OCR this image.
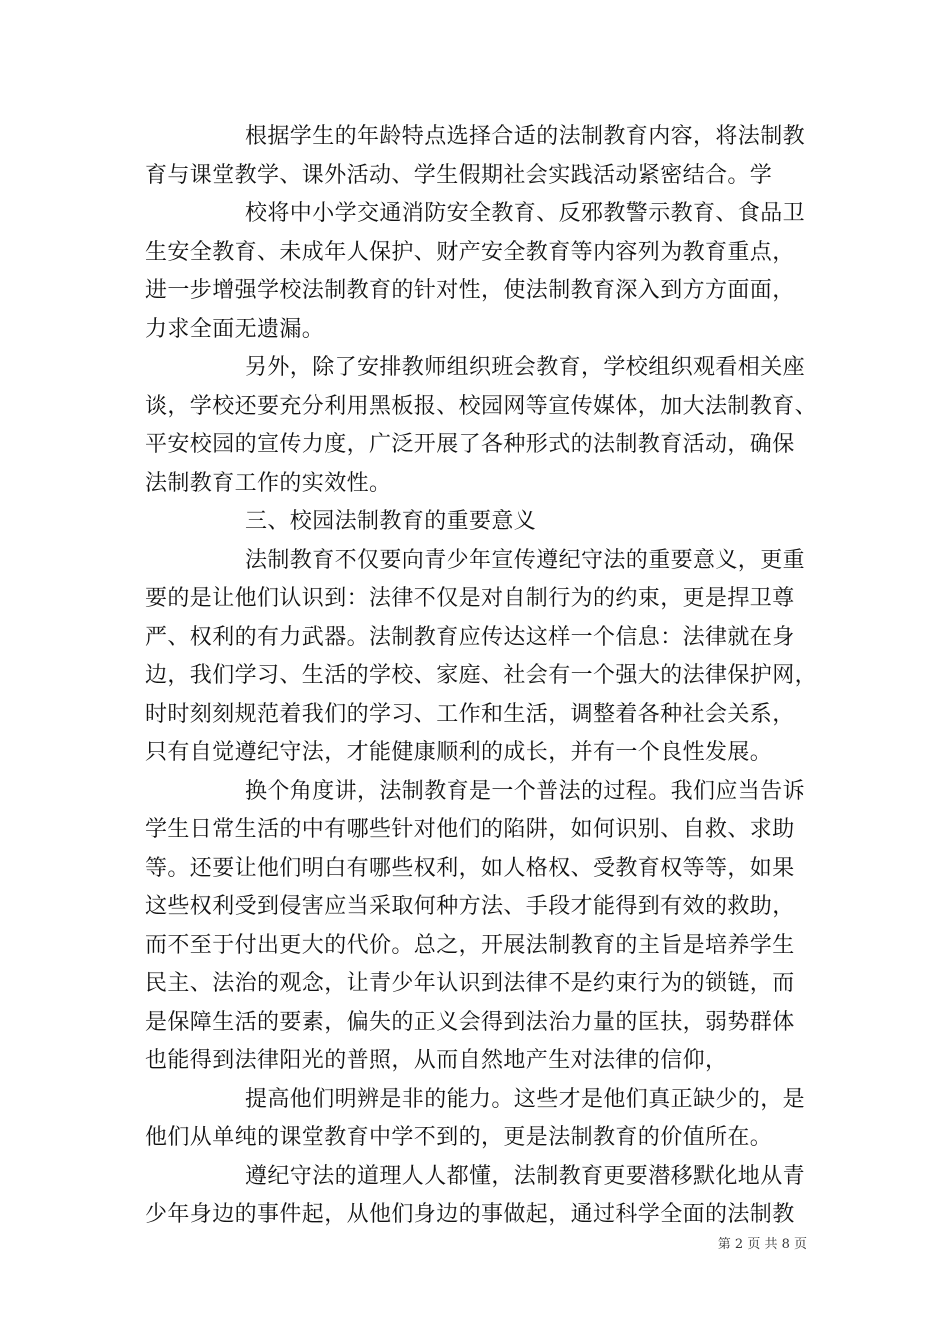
根据学生的年龄特点选择合适的法制教育内容，将法制教
育与课堂教学、课外活动、学生假期社会实践活动紧密结合。学
校将中小学交通消防安全教育、反邪教警示教育、食品卫
生安全教育、未成年人保护、财产安全教育等内容列为教育重点，
进一步增强学校法制教育的针对性，使法制教育深入到方方面面，
力求全面无遗漏。
另外，除了安排教师组织班会教育，学校组织观看相关座
谈，学校还要充分利用黑板报、校园网等宣传媒体，加大法制教育、
平安校园的宣传力度，广泛开展了各种形式的法制教育活动，确保
法制教育工作的实效性。
三、校园法制教育的重要意义
法制教育不仅要向青少年宣传遵纪守法的重要意义，更重
要的是让他们认识到：法律不仅是对自制行为的约束，更是捍卫尊
严、权利的有力武器。法制教育应传达这样一个信息：法律就在身
边，我们学习、生活的学校、家庭、社会有一个强大的法律保护网，
时时刻刻规范着我们的学习、工作和生活，调整着各种社会关系，
只有自觉遵纪守法，才能健康顺利的成长，并有一个良性发展。
换个角度讲，法制教育是一个普法的过程。我们应当告诉
学生日常生活的中有哪些针对他们的陷阱，如何识别、自救、求助
等。还要让他们明白有哪些权利，如人格权、受教育权等等，如果
这些权利受到侵害应当采取何种方法、手段才能得到有效的救助，
而不至于付出更大的代价。总之，开展法制教育的主旨是培养学生
民主、法治的观念，让青少年认识到法律不是约束行为的锁链，而
是保障生活的要素，偏失的正义会得到法治力量的匡扶，弱势群体
也能得到法律阳光的普照，从而自然地产生对法律的信仰，
提高他们明辨是非的能力。这些才是他们真正缺少的，是
他们从单纯的课堂教育中学不到的，更是法制教育的价值所在。
遵纪守法的道理人人都懂，法制教育更要潜移默化地从青
少年身边的事件起，从他们身边的事做起，通过科学全面的法制教
第 2 页 共 8 页
